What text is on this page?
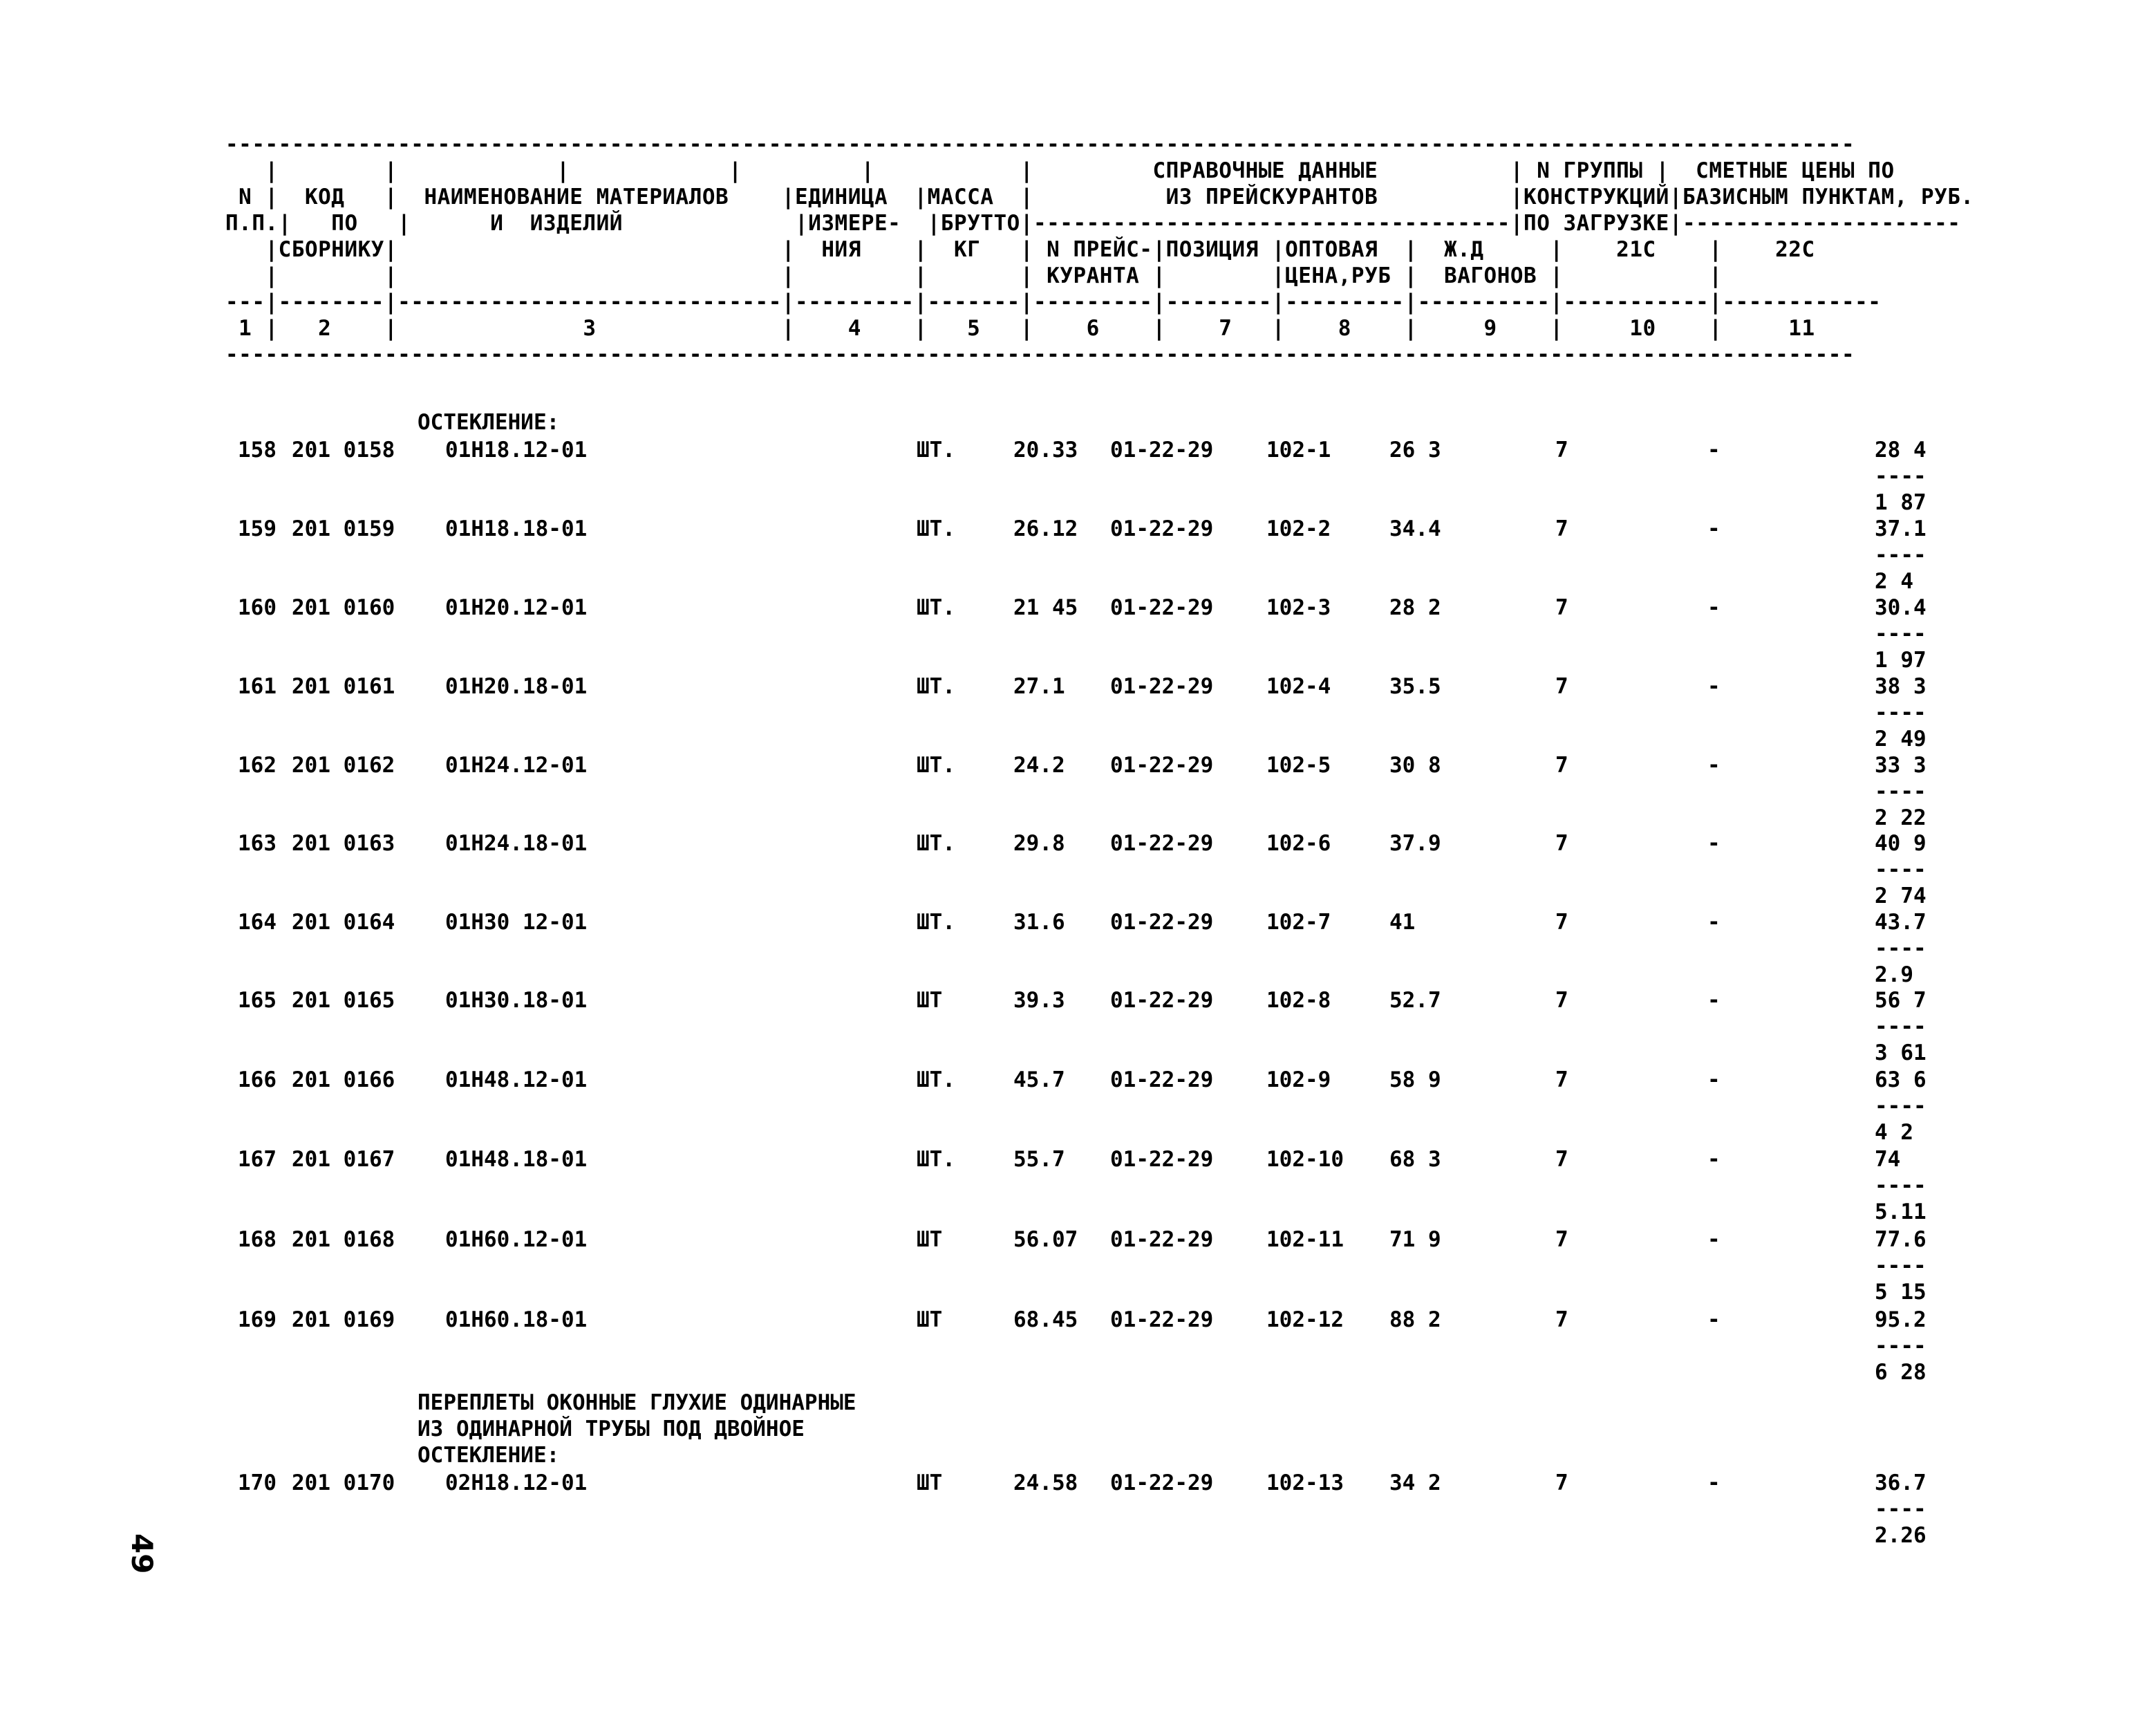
---------------------------------------------------------------------------------------------------------------------------
|        |            |            |         |           |         СПРАВОЧНЫЕ ДАННЫЕ          | N ГРУППЫ |  СМЕТНЫЕ ЦЕНЫ ПО
N |  КОД   |  НАИМЕНОВАНИЕ МАТЕРИАЛОВ    |ЕДИНИЦА  |МАССА  |          ИЗ ПРЕЙСКУРАНТОВ          |КОНСТРУКЦИЙ|БАЗИСНЫМ ПУНКТАМ, РУБ.
П.П.|   ПО   |      И  ИЗДЕЛИЙ             |ИЗМЕРЕ-  |БРУТТО|------------------------------------|ПО ЗАГРУЗКЕ|---------------------
|СБОРНИКУ|                             |  НИЯ    |  КГ   | N ПРЕЙС-|ПОЗИЦИЯ |ОПТОВАЯ  |  Ж.Д     |    21С    |    22С
|        |                             |         |       | КУРАНТА |        |ЦЕНА,РУБ |  ВАГОНОВ |           |
---|--------|-----------------------------|---------|-------|---------|--------|---------|----------|-----------|------------
1 |   2    |              3              |    4    |   5   |    6    |    7   |    8    |     9    |     10    |     11
---------------------------------------------------------------------------------------------------------------------------
ОСТЕКЛЕНИЕ:
ПЕРЕПЛЕТЫ ОКОННЫЕ ГЛУХИЕ ОДИНАРНЫЕ
ИЗ ОДИНАРНОЙ ТРУБЫ ПОД ДВОЙНОЕ
ОСТЕКЛЕНИЕ:
158 201 0158 01Н18.12-01	ШТ.	20.33 01-22-29 102-1	26 3	7	-	28 4
----
1 87
159 201 0159 01Н18.18-01	ШТ.	26.12 01-22-29 102-2	34.4	7	-	37.1
----
2 4
160 201 0160 01Н20.12-01	ШТ.	21 45 01-22-29 102-3	28 2	7	-	30.4
----
1 97
161 201 0161 01Н20.18-01	ШТ.	27.1 01-22-29 102-4	35.5	7	-	38 3
----
2 49
162 201 0162 01Н24.12-01	ШТ.	24.2 01-22-29 102-5	30 8	7	-	33 3
----
2 22
163 201 0163 01Н24.18-01	ШТ.	29.8 01-22-29 102-6	37.9	7	-	40 9
----
2 74
164 201 0164 01Н30 12-01	ШТ.	31.6 01-22-29 102-7	41	7	-	43.7
----
2.9
165 201 0165 01Н30.18-01	ШТ	39.3 01-22-29 102-8	52.7	7	-	56 7
----
3 61
166 201 0166 01Н48.12-01	ШТ.	45.7 01-22-29 102-9	58 9	7	-	63 6
----
4 2
167 201 0167 01Н48.18-01	ШТ.	55.7 01-22-29 102-10 68 3	7	-	74
----
5.11
168 201 0168 01Н60.12-01	ШТ	56.07 01-22-29 102-11 71 9	7	-	77.6
----
5 15
169 201 0169 01Н60.18-01	ШТ	68.45 01-22-29 102-12 88 2	7	-	95.2
----
6 28
170 201 0170 02Н18.12-01	ШТ	24.58 01-22-29 102-13 34 2	7	-	36.7
----
2.26
49
